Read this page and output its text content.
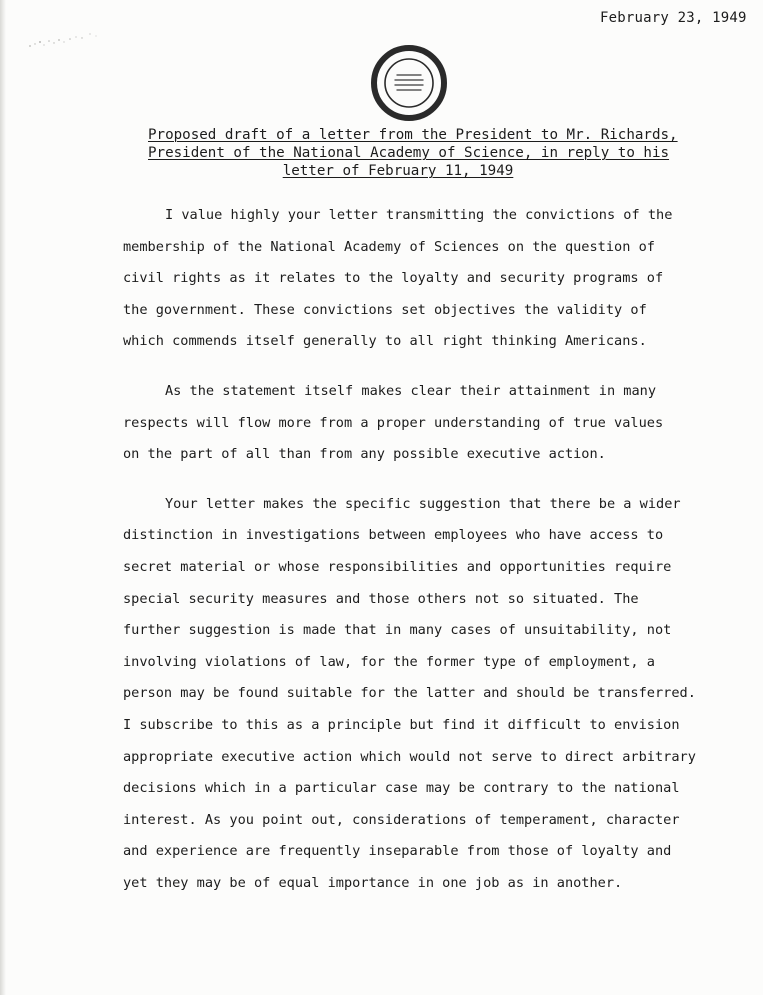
February 23, 1949
Proposed draft of a letter from the President to Mr. Richards,
President of the National Academy of Science, in reply to his
letter of February 11, 1949

I value highly your letter transmitting the convictions of the
membership of the National Academy of Sciences on the question of
civil rights as it relates to the loyalty and security programs of
the government. These convictions set objectives the validity of
which commends itself generally to all right thinking Americans.

As the statement itself makes clear their attainment in many
respects will flow more from a proper understanding of true values
on the part of all than from any possible executive action.

Your letter makes the specific suggestion that there be a wider
distinction in investigations between employees who have access to
secret material or whose responsibilities and opportunities require
special security measures and those others not so situated. The
further suggestion is made that in many cases of unsuitability, not
involving violations of law, for the former type of employment, a
person may be found suitable for the latter and should be transferred.
I subscribe to this as a principle but find it difficult to envision
appropriate executive action which would not serve to direct arbitrary
decisions which in a particular case may be contrary to the national
interest. As you point out, considerations of temperament, character
and experience are frequently inseparable from those of loyalty and
yet they may be of equal importance in one job as in another.
